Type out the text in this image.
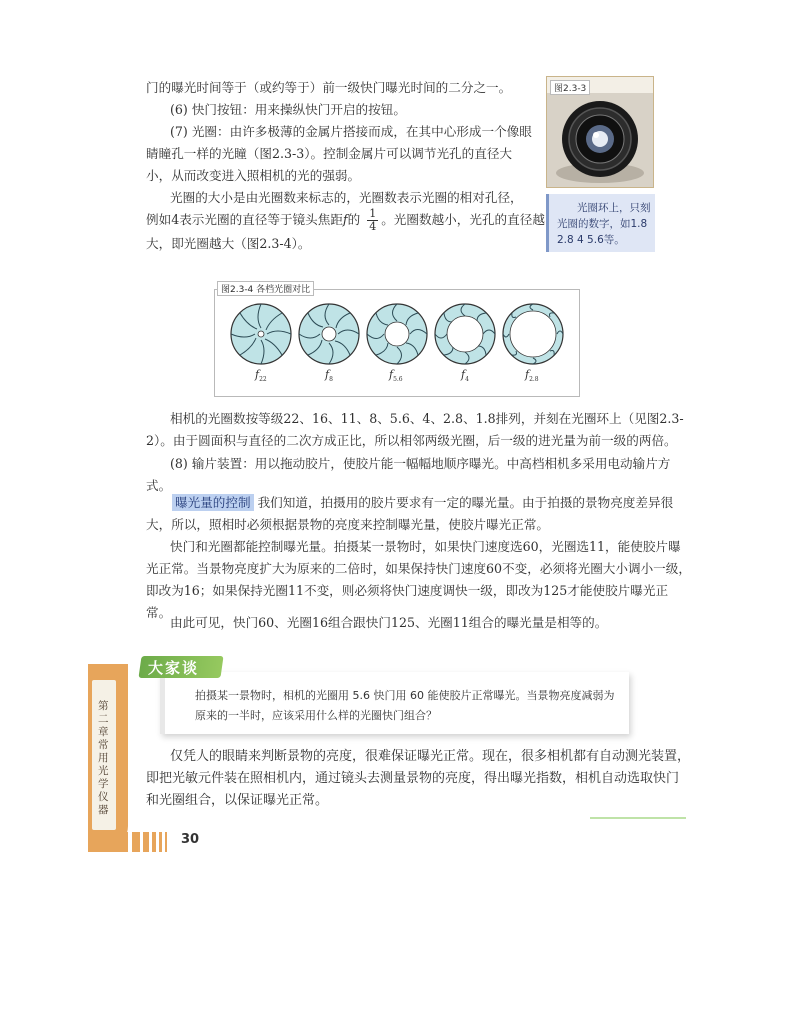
门的曝光时间等于（或约等于）前一级快门曝光时间的二分之一。
(6) 快门按钮：用来操纵快门开启的按钮。
(7) 光圈：由许多极薄的金属片搭接而成，在其中心形成一个像眼睛瞳孔一样的光瞳（图2.3-3）。控制金属片可以调节光孔的直径大小，从而改变进入照相机的光的强弱。
光圈的大小是由光圈数来标志的，光圈数表示光圈的相对孔径，
例如4表示光圈的直径等于镜头焦距f的 $\frac{1}{4}$ 。光圈数越小，光孔的直径越大，即光圈越大（图2.3-4）。
图2.3-3
光圈环上，只刻光圈的数字，如1.8 2.8 4 5.6等。
$f_{22}$	$f_8$	$f_{5.6}$	$f_4$	$f_{2.8}$
图2.3-4 各档光圈对比
相机的光圈数按等级22、16、11、8、5.6、4、2.8、1.8排列，并刻在光圈环上（见图2.3-2）。由于圆面积与直径的二次方成正比，所以相邻两级光圈，后一级的进光量为前一级的两倍。
(8) 输片装置：用以拖动胶片，使胶片能一幅幅地顺序曝光。中高档相机多采用电动输片方式。
曝光量的控制 我们知道，拍摄用的胶片要求有一定的曝光量。由于拍摄的景物亮度差异很大，所以，照相时必须根据景物的亮度来控制曝光量，使胶片曝光正常。
快门和光圈都能控制曝光量。拍摄某一景物时，如果快门速度选60，光圈选11，能使胶片曝光正常。当景物亮度扩大为原来的二倍时，如果保持快门速度60不变，必须将光圈大小调小一级，即改为16；如果保持光圈11不变，则必须将快门速度调快一级，即改为125才能使胶片曝光正常。
由此可见，快门60、光圈16组合跟快门125、光圈11组合的曝光量是相等的。
拍摄某一景物时，相机的光圈用 5.6 快门用 60 能使胶片正常曝光。当景物亮度减弱为原来的一半时，应该采用什么样的光圈快门组合？
大家谈
仅凭人的眼睛来判断景物的亮度，很难保证曝光正常。现在，很多相机都有自动测光装置，即把光敏元件装在照相机内，通过镜头去测量景物的亮度，得出曝光指数，相机自动选取快门和光圈组合，以保证曝光正常。
第二章 常用光学仪器
30
